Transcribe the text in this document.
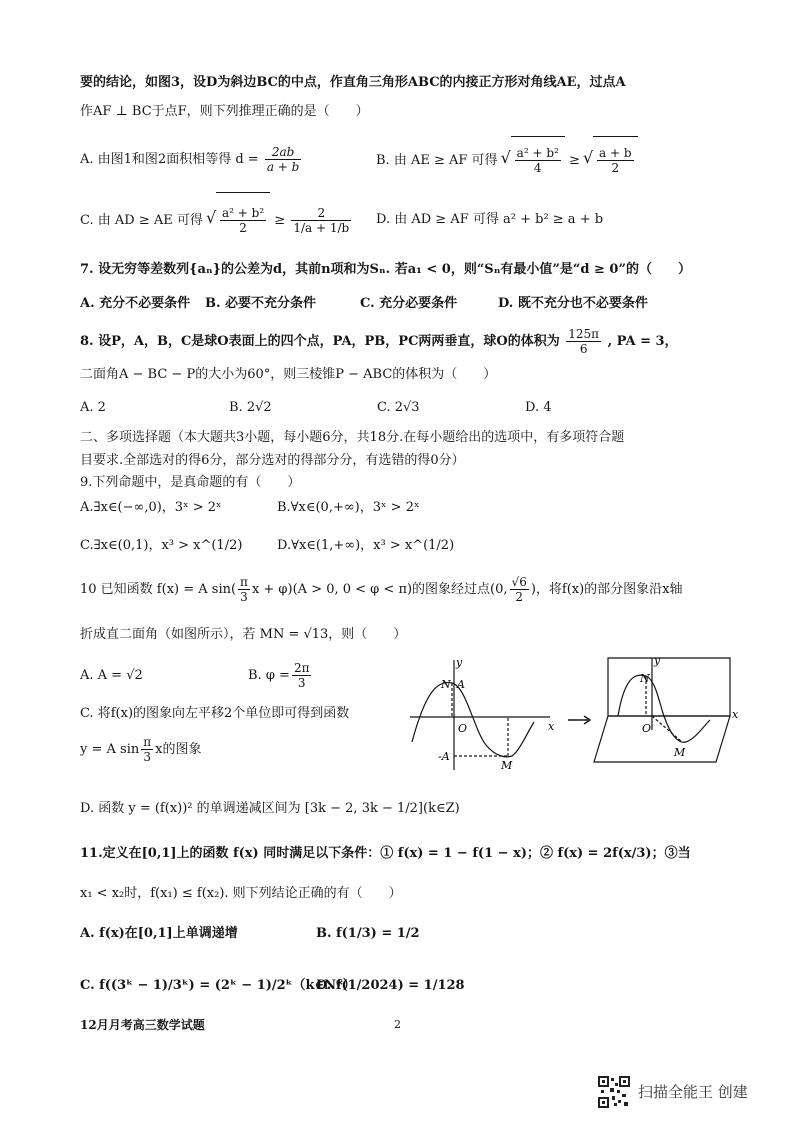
要的结论，如图3，设D为斜边BC的中点，作直角三角形ABC的内接正方形对角线AE，过点A
作AF ⊥ BC于点F，则下列推理正确的是（　　）
A. 由图1和图2面积相等得 $d = \frac{2ab}{a + b}$	B. 由 AE ≥ AF 可得 √ $\frac{\text{a² + b²}}{4}$ ≥ √ $\frac{a + b}{2}$
C. 由 AD ≥ AE 可得 √ $\frac{\text{a² + b²}}{2} \ge \frac{2}{1/a + 1/b} D$. 由 AD ≥ AF 可得 a² + b² ≥ a + b
7. 设无穷等差数列{aₙ}的公差为d，其前n项和为Sₙ. 若a₁ < 0，则“Sₙ有最小值”是“d ≥ 0”的（　　）
A. 充分不必要条件 B. 必要不充分条件	C. 充分必要条件	D. 既不充分也不必要条件
8. 设P，A，B，C是球O表面上的四个点，PA，PB，PC两两垂直，球O的体积为 $\frac{125\pi}{6}$ , PA = 3，
二面角A − BC − P的大小为60°，则三棱锥P − ABC的体积为（　　）
A. 2	B. 2√2	C. 2√3	D. 4
二、多项选择题（本大题共3小题，每小题6分，共18分.在每小题给出的选项中，有多项符合题
目要求.全部选对的得6分，部分选对的得部分分，有选错的得0分）
9.下列命题中，是真命题的有（　　）
A.∃x∈(−∞,0)，3ˣ > 2ˣ	B.∀x∈(0,+∞)，3ˣ > 2ˣ
C.∃x∈(0,1)，x³ > x^(1/2)	D.∀x∈(1,+∞)，x³ > x^(1/2)
10 已知函数 f(x) = A $\sin( \frac{\pi}{3}$ x + φ)(A > 0, 0 < φ < π)的图象经过点(0, $\frac{√6}{2}$ )，将f(x)的部分图象沿x轴
折成直二面角（如图所示），若 MN = √13，则（　　）
A. A = √2	B. $\varphi = \frac{2\pi}{3}$
C. 将f(x)的图象向左平移2个单位即可得到函数
y = A $\sin \frac{\pi}{3}$ x的图象
D. 函数 y = (f(x))² 的单调递减区间为 [3k − 2, 3k − 1/2](k∈Z)
N A
y
x
O
-A
M
y
x
N
O
M
11.定义在[0,1]上的函数 f(x) 同时满足以下条件：① f(x) = 1 − f(1 − x)；② f(x) = 2f(x/3)；③当
x₁ < x₂时，f(x₁) ≤ f(x₂). 则下列结论正确的有（　　）
A. f(x)在[0,1]上单调递增	B. f(1/3) = 1/2
C. f((3ᵏ − 1)/3ᵏ) = (2ᵏ − 1)/2ᵏ（k∈N*）
D. f(1/2024) = 1/128
12月月考高三数学试题	2
扫描全能王 创建
